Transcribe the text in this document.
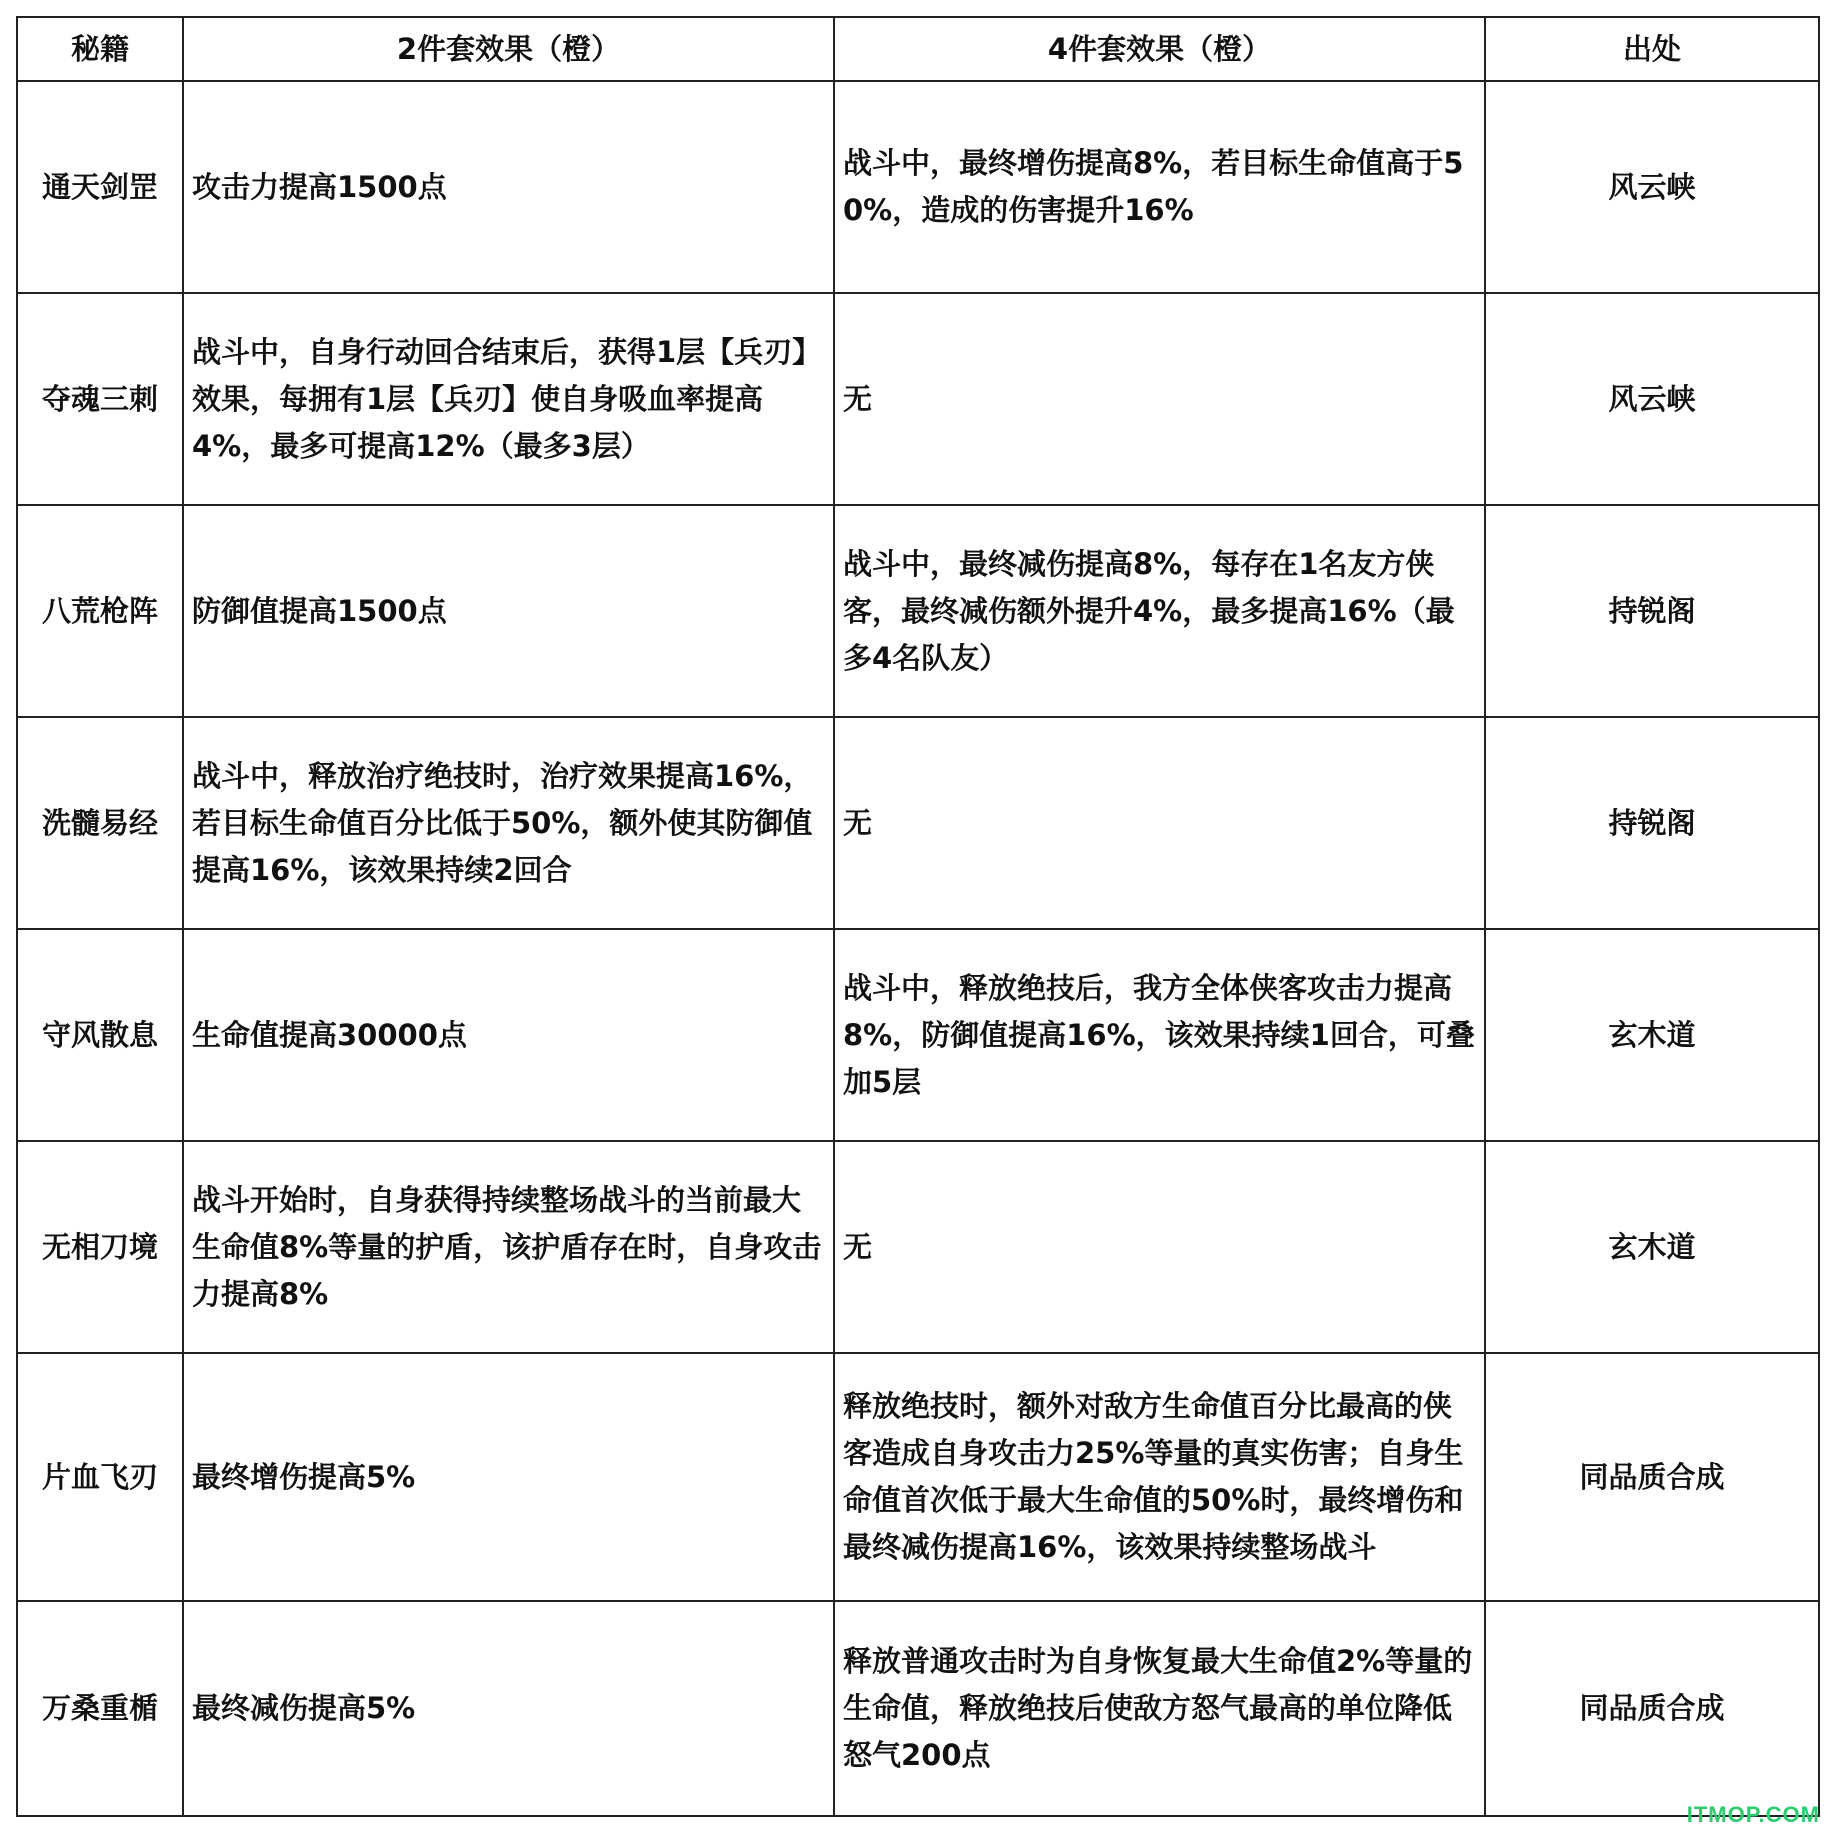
秘籍	2件套效果（橙）	4件套效果（橙）	出处
通天剑罡	攻击力提高1500点	战斗中，最终增伤提高8%，若目标生命值高于50%，造成的伤害提升16%	风云峡
夺魂三刺	战斗中，自身行动回合结束后，获得1层【兵刃】效果，每拥有1层【兵刃】使自身吸血率提高4%，最多可提高12%（最多3层）	无	风云峡
八荒枪阵	防御值提高1500点	战斗中，最终减伤提高8%，每存在1名友方侠客，最终减伤额外提升4%，最多提高16%（最多4名队友）	持锐阁
洗髓易经	战斗中，释放治疗绝技时，治疗效果提高16%，若目标生命值百分比低于50%，额外使其防御值提高16%，该效果持续2回合	无	持锐阁
守风散息	生命值提高30000点	战斗中，释放绝技后，我方全体侠客攻击力提高8%，防御值提高16%，该效果持续1回合，可叠加5层	玄木道
无相刀境	战斗开始时，自身获得持续整场战斗的当前最大生命值8%等量的护盾，该护盾存在时，自身攻击力提高8%	无	玄木道
片血飞刃	最终增伤提高5%	释放绝技时，额外对敌方生命值百分比最高的侠客造成自身攻击力25%等量的真实伤害；自身生命值首次低于最大生命值的50%时，最终增伤和最终减伤提高16%，该效果持续整场战斗	同品质合成
万桑重楯	最终减伤提高5%	释放普通攻击时为自身恢复最大生命值2%等量的生命值，释放绝技后使敌方怒气最高的单位降低怒气200点	同品质合成
ITMOP.COM
